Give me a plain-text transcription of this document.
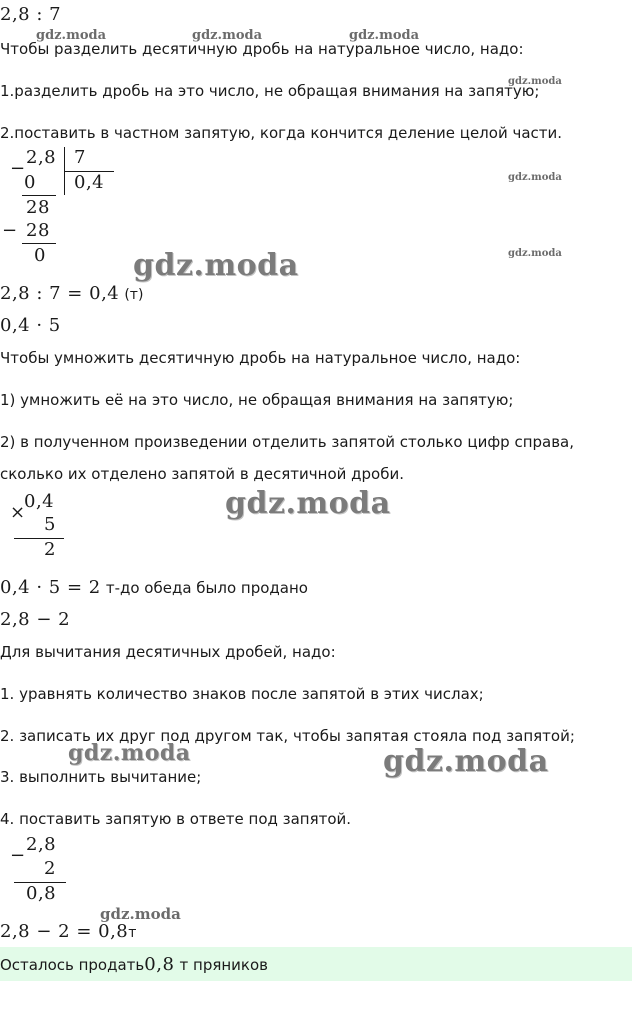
2,8 : 7
gdz.moda	gdz.moda	gdz.moda
Чтобы разделить десятичную дробь на натуральное число, надо:
1.разделить дробь на это число, не обращая внимания на запятую;
gdz.moda
2.поставить в частном запятую, когда кончится деление целой части.
−
2,8 7
0 0,4
28
− 28
0
gdz.moda
gdz.moda
gdz.moda
2,8 : 7 = 0,4 (т)
0,4 · 5
Чтобы умножить десятичную дробь на натуральное число, надо:
1) умножить её на это число, не обращая внимания на запятую;
2) в полученном произведении отделить запятой столько цифр справа,
сколько их отделено запятой в десятичной дроби.
×
0,4
5
2
gdz.moda
0,4 · 5 = 2 т-до обеда было продано
2,8 − 2
Для вычитания десятичных дробей, надо:
1. уравнять количество знаков после запятой в этих числах;
2. записать их друг под другом так, чтобы запятая стояла под запятой;
gdz.moda
3. выполнить вычитание;	gdz.moda
4. поставить запятую в ответе под запятой.
−
2,8
2
0,8
gdz.moda
2,8 − 2 = 0,8т
Осталось продать0,8 т пряников
